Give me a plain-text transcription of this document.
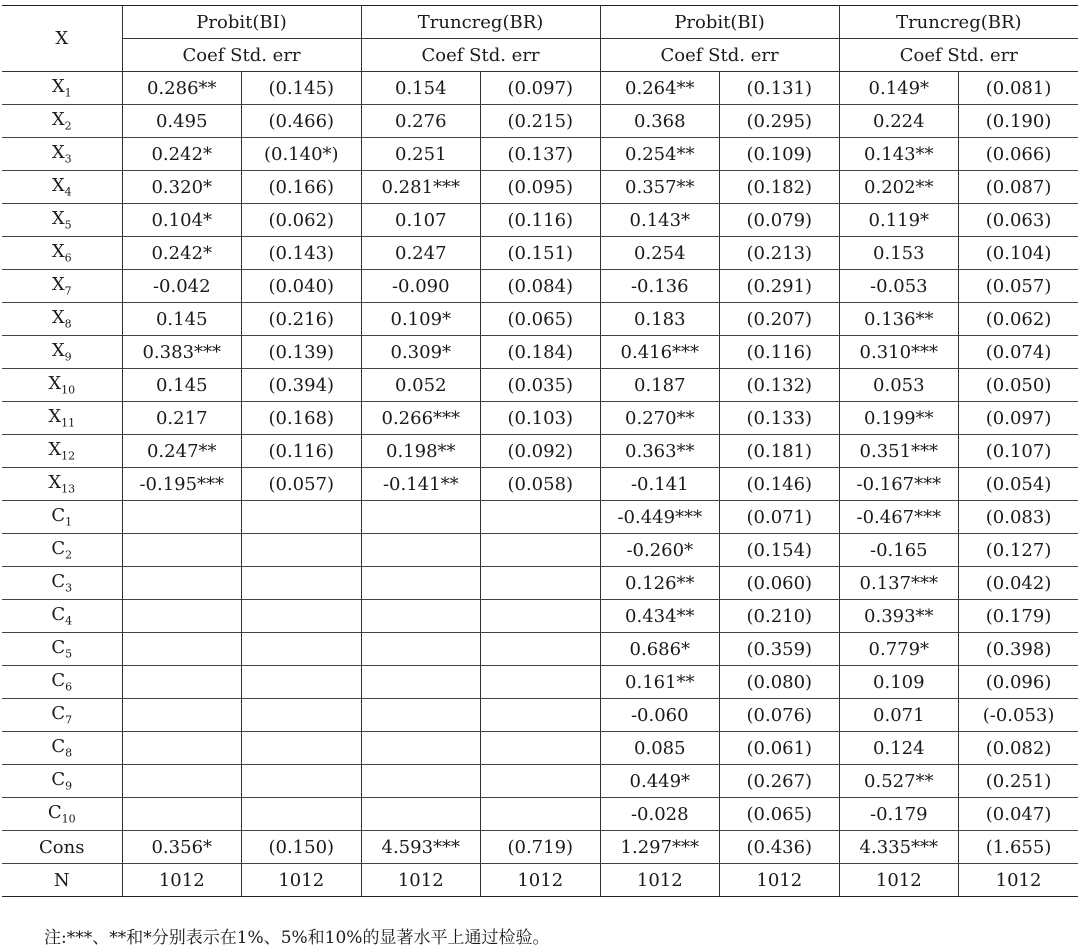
X	Probit(BI)		Truncreg(BR)		Probit(BI)		Truncreg(BR)	
	Coef Std. err		Coef Std. err		Coef Std. err		Coef Std. err	
$X_1$	0.286**	(0.145)	0.154	(0.097)	0.264**	(0.131)	0.149*	(0.081)
$X_2$	0.495	(0.466)	0.276	(0.215)	0.368	(0.295)	0.224	(0.190)
$X_3$	0.242*	(0.140*)	0.251	(0.137)	0.254**	(0.109)	0.143**	(0.066)
$X_4$	0.320*	(0.166)	0.281***	(0.095)	0.357**	(0.182)	0.202**	(0.087)
$X_5$	0.104*	(0.062)	0.107	(0.116)	0.143*	(0.079)	0.119*	(0.063)
$X_6$	0.242*	(0.143)	0.247	(0.151)	0.254	(0.213)	0.153	(0.104)
$X_7$	-0.042	(0.040)	-0.090	(0.084)	-0.136	(0.291)	-0.053	(0.057)
$X_8$	0.145	(0.216)	0.109*	(0.065)	0.183	(0.207)	0.136**	(0.062)
$X_9$	0.383***	(0.139)	0.309*	(0.184)	0.416***	(0.116)	0.310***	(0.074)
$X_{10}$	0.145	(0.394)	0.052	(0.035)	0.187	(0.132)	0.053	(0.050)
$X_{11}$	0.217	(0.168)	0.266***	(0.103)	0.270**	(0.133)	0.199**	(0.097)
$X_{12}$	0.247**	(0.116)	0.198**	(0.092)	0.363**	(0.181)	0.351***	(0.107)
$X_{13}$	-0.195***	(0.057)	-0.141**	(0.058)	-0.141	(0.146)	-0.167***	(0.054)
$C_1$					-0.449***	(0.071)	-0.467***	(0.083)
$C_2$					-0.260*	(0.154)	-0.165	(0.127)
$C_3$					0.126**	(0.060)	0.137***	(0.042)
$C_4$					0.434**	(0.210)	0.393**	(0.179)
$C_5$					0.686*	(0.359)	0.779*	(0.398)
$C_6$					0.161**	(0.080)	0.109	(0.096)
$C_7$					-0.060	(0.076)	0.071	(-0.053)
$C_8$					0.085	(0.061)	0.124	(0.082)
$C_9$					0.449*	(0.267)	0.527**	(0.251)
$C_{10}$					-0.028	(0.065)	-0.179	(0.047)
Cons	0.356*	(0.150)	4.593***	(0.719)	1.297***	(0.436)	4.335***	(1.655)
N	1012	1012	1012	1012	1012	1012	1012	1012
注:***、**和*分别表示在1%、5%和10%的显著水平上通过检验。
